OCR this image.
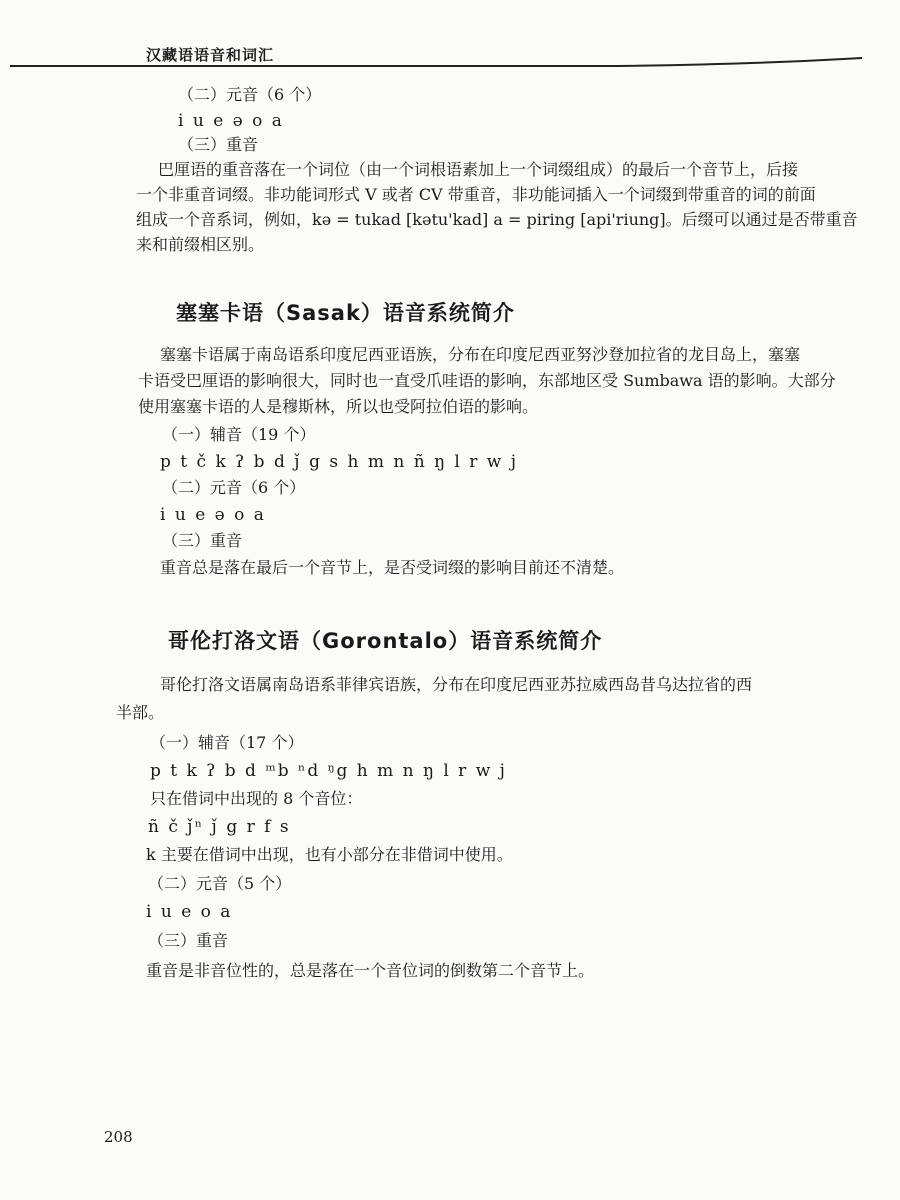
汉藏语语音和词汇
（二）元音（6 个）
i u e ə o a
（三）重音
巴厘语的重音落在一个词位（由一个词根语素加上一个词缀组成）的最后一个音节上，后接
一个非重音词缀。非功能词形式 V 或者 CV 带重音，非功能词插入一个词缀到带重音的词的前面
组成一个音系词，例如，kə = tukad [kətu'kad] a = piring [api'riung]。后缀可以通过是否带重音
来和前缀相区别。
塞塞卡语（Sasak）语音系统简介
塞塞卡语属于南岛语系印度尼西亚语族，分布在印度尼西亚努沙登加拉省的龙目岛上，塞塞
卡语受巴厘语的影响很大，同时也一直受爪哇语的影响，东部地区受 Sumbawa 语的影响。大部分
使用塞塞卡语的人是穆斯林，所以也受阿拉伯语的影响。
（一）辅音（19 个）
p t č k ʔ b d ǰ g s h m n ñ ŋ l r w j
（二）元音（6 个）
i u e ə o a
（三）重音
重音总是落在最后一个音节上，是否受词缀的影响目前还不清楚。
哥伦打洛文语（Gorontalo）语音系统简介
哥伦打洛文语属南岛语系菲律宾语族，分布在印度尼西亚苏拉威西岛昔乌达拉省的西
半部。
（一）辅音（17 个）
p t k ʔ b d ᵐb ⁿd ᵑg h m n ŋ l r w j
只在借词中出现的 8 个音位：
ñ č ǰⁿ ǰ g r f s
k 主要在借词中出现，也有小部分在非借词中使用。
（二）元音（5 个）
i u e o a
（三）重音
重音是非音位性的，总是落在一个音位词的倒数第二个音节上。
208
